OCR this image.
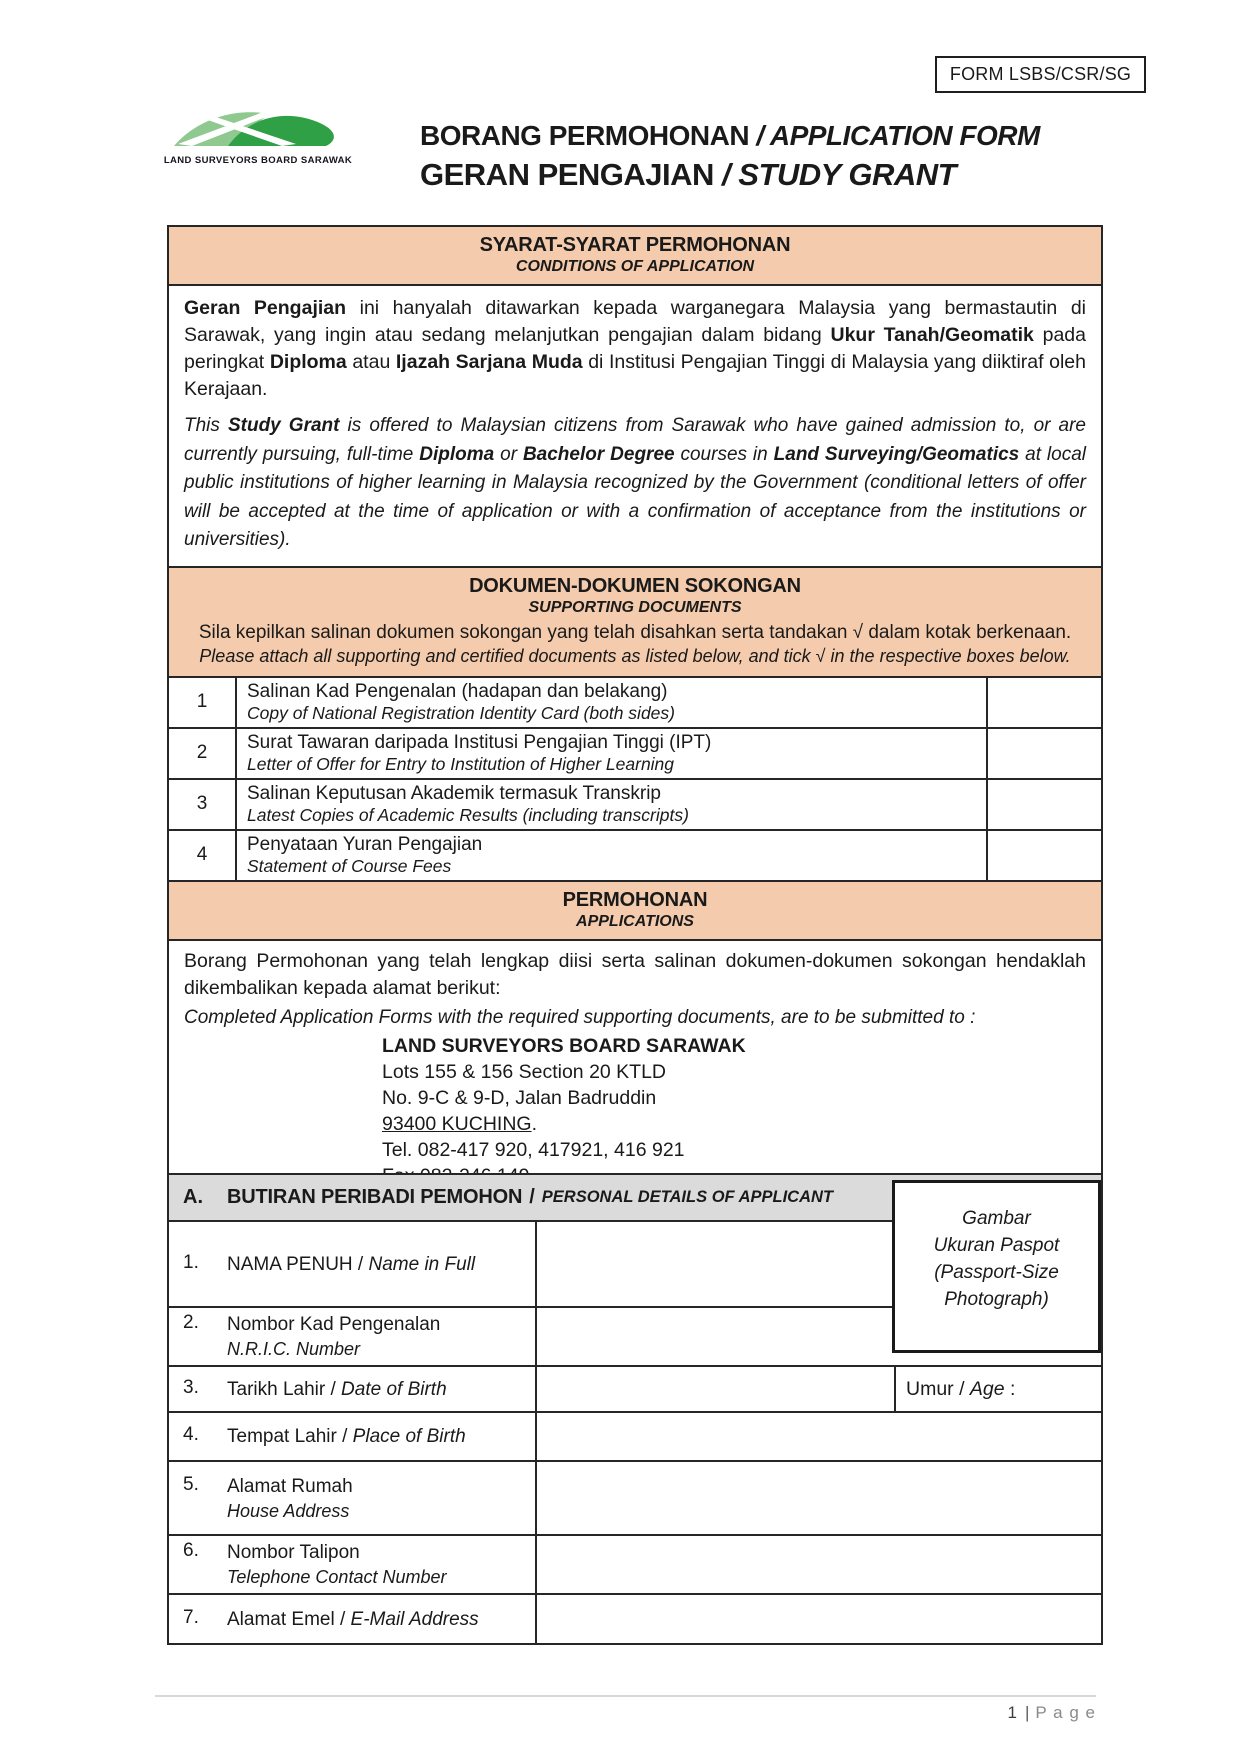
FORM LSBS/CSR/SG
LAND SURVEYORS BOARD SARAWAK
BORANG PERMOHONAN / APPLICATION FORM
GERAN PENGAJIAN / STUDY GRANT
SYARAT-SYARAT PERMOHONAN
CONDITIONS OF APPLICATION

Geran Pengajian ini hanyalah ditawarkan kepada warganegara Malaysia yang bermastautin di Sarawak, yang ingin atau sedang melanjutkan pengajian dalam bidang Ukur Tanah/Geomatik pada peringkat Diploma atau Ijazah Sarjana Muda di Institusi Pengajian Tinggi di Malaysia yang diiktiraf oleh Kerajaan.

This Study Grant is offered to Malaysian citizens from Sarawak who have gained admission to, or are currently pursuing, full-time Diploma or Bachelor Degree courses in Land Surveying/Geomatics at local public institutions of higher learning in Malaysia recognized by the Government (conditional letters of offer will be accepted at the time of application or with a confirmation of acceptance from the institutions or universities).

DOKUMEN-DOKUMEN SOKONGAN
SUPPORTING DOCUMENTS
Sila kepilkan salinan dokumen sokongan yang telah disahkan serta tandakan √ dalam kotak berkenaan.
Please attach all supporting and certified documents as listed below, and tick √ in the respective boxes below.
1	Salinan Kad Pengenalan (hadapan dan belakang)
Copy of National Registration Identity Card (both sides)
2	Surat Tawaran daripada Institusi Pengajian Tinggi (IPT)
Letter of Offer for Entry to Institution of Higher Learning
3	Salinan Keputusan Akademik termasuk Transkrip
Latest Copies of Academic Results (including transcripts)
4	Penyataan Yuran Pengajian
Statement of Course Fees
PERMOHONAN
APPLICATIONS

Borang Permohonan yang telah lengkap diisi serta salinan dokumen-dokumen sokongan hendaklah dikembalikan kepada alamat berikut:

Completed Application Forms with the required supporting documents, are to be submitted to :

LAND SURVEYORS BOARD SARAWAK
Lots 155 & 156 Section 20 KTLD
No. 9-C & 9-D, Jalan Badruddin
93400 KUCHING.
Tel. 082-417 920, 417921, 416 921
A.	BUTIRAN PERIBADI PEMOHON / PERSONAL DETAILS OF APPLICANT
1.	NAMA PENUH / Name in Full
2.	Nombor Kad Pengenalan
N.R.I.C. Number
3.	Tarikh Lahir / Date of Birth	Umur / Age :
4.	Tempat Lahir / Place of Birth
5.	Alamat Rumah
House Address
6.	Nombor Talipon
Telephone Contact Number
7.	Alamat Emel / E-Mail Address
Gambar
Ukuran Paspot
(Passport-Size
Photograph)
1 | P a g e
